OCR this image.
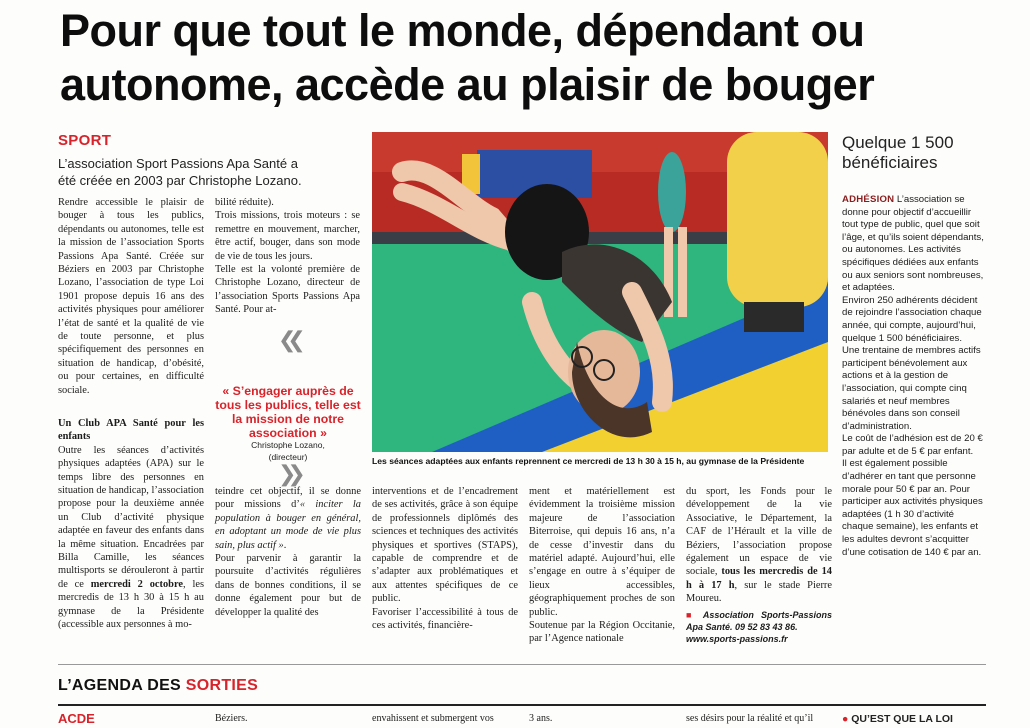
Pour que tout le monde, dépendant ou autonome, accède au plaisir de bouger
SPORT
L’association Sport Passions Apa Santé a été créée en 2003 par Christophe Lozano.

Rendre accessible le plaisir de bouger à tous les publics, dépendants ou autonomes, telle est la mission de l’association Sports Passions Apa Santé. Créée sur Béziers en 2003 par Christophe Lozano, l’association de type Loi 1901 propose depuis 16 ans des activités physiques pour améliorer l’état de santé et la qualité de vie de toute personne, et plus spécifiquement des personnes en situation de handicap, d’obésité, ou pour certaines, en difficulté sociale.

Un Club APA Santé pour les enfants

Outre les séances d’activités physiques adaptées (APA) sur le temps libre des personnes en situation de handicap, l’association propose pour la deuxième année un Club d’activité physique adaptée en faveur des enfants dans la même situation. Encadrées par Billa Camille, les séances multisports se dérouleront à partir de ce mercredi 2 octobre, les mercredis de 13 h 30 à 15 h au gymnase de la Présidente (accessible aux personnes à mo-

bilité réduite).

Trois missions, trois moteurs : se remettre en mouvement, marcher, être actif, bouger, dans son mode de vie de tous les jours.

Telle est la volonté première de Christophe Lozano, directeur de l’association Sports Passions Apa Santé. Pour at-

❮❮
« S’engager auprès de tous les publics, telle est la mission de notre association »
Christophe Lozano,
(directeur)
❯❯
Les séances adaptées aux enfants reprennent ce mercredi de 13 h 30 à 15 h, au gymnase de la Présidente

teindre cet objectif, il se donne pour missions d’« inciter la population à bouger en général, en adoptant un mode de vie plus sain, plus actif ».

Pour parvenir à garantir la poursuite d’activités régulières dans de bonnes conditions, il se donne également pour but de développer la qualité des

interventions et de l’encadrement de ses activités, grâce à son équipe de professionnels diplômés des sciences et techniques des activités physiques et sportives (STAPS), capable de comprendre et de s’adapter aux problématiques et aux attentes spécifiques de ce public.

Favoriser l’accessibilité à tous de ces activités, financière-

ment et matériellement est évidemment la troisième mission majeure de l’association Biterroise, qui depuis 16 ans, n’a de cesse d’investir dans du matériel adapté. Aujourd’hui, elle s’engage en outre à s’équiper de lieux accessibles, géographiquement proches de son public.

Soutenue par la Région Occitanie, par l’Agence nationale

du sport, les Fonds pour le développement de la vie Associative, le Département, la CAF de l’Hérault et la ville de Béziers, l’association propose également un espace de vie sociale, tous les mercredis de 14 h à 17 h, sur le stade Pierre Moureu.

■ Association Sports-Passions Apa Santé. 09 52 83 43 86.
www.sports-passions.fr

Quelque 1 500 bénéficiaires

ADHÉSION L’association se donne pour objectif d’accueillir tout type de public, quel que soit l’âge, et qu’ils soient dépendants, ou autonomes. Les activités spécifiques dédiées aux enfants ou aux seniors sont nombreuses, et adaptées.

Environ 250 adhérents décident de rejoindre l’association chaque année, qui compte, aujourd’hui, quelque 1 500 bénéficiaires.

Une trentaine de membres actifs participent bénévolement aux actions et à la gestion de l’association, qui compte cinq salariés et neuf membres bénévoles dans son conseil d’administration.

Le coût de l’adhésion est de 20 € par adulte et de 5 € par enfant.

Il est également possible d’adhérer en tant que personne morale pour 50 € par an. Pour participer aux activités physiques adaptées (1 h 30 d’activité chaque semaine), les enfants et les adultes devront s’acquitter d’une cotisation de 140 € par an.

L’AGENDA DES SORTIES
ACDE	Béziers.	envahissent et submergent vos	3 ans.	ses désirs pour la réalité et qu’il	● QU’EST QUE LA LOI
